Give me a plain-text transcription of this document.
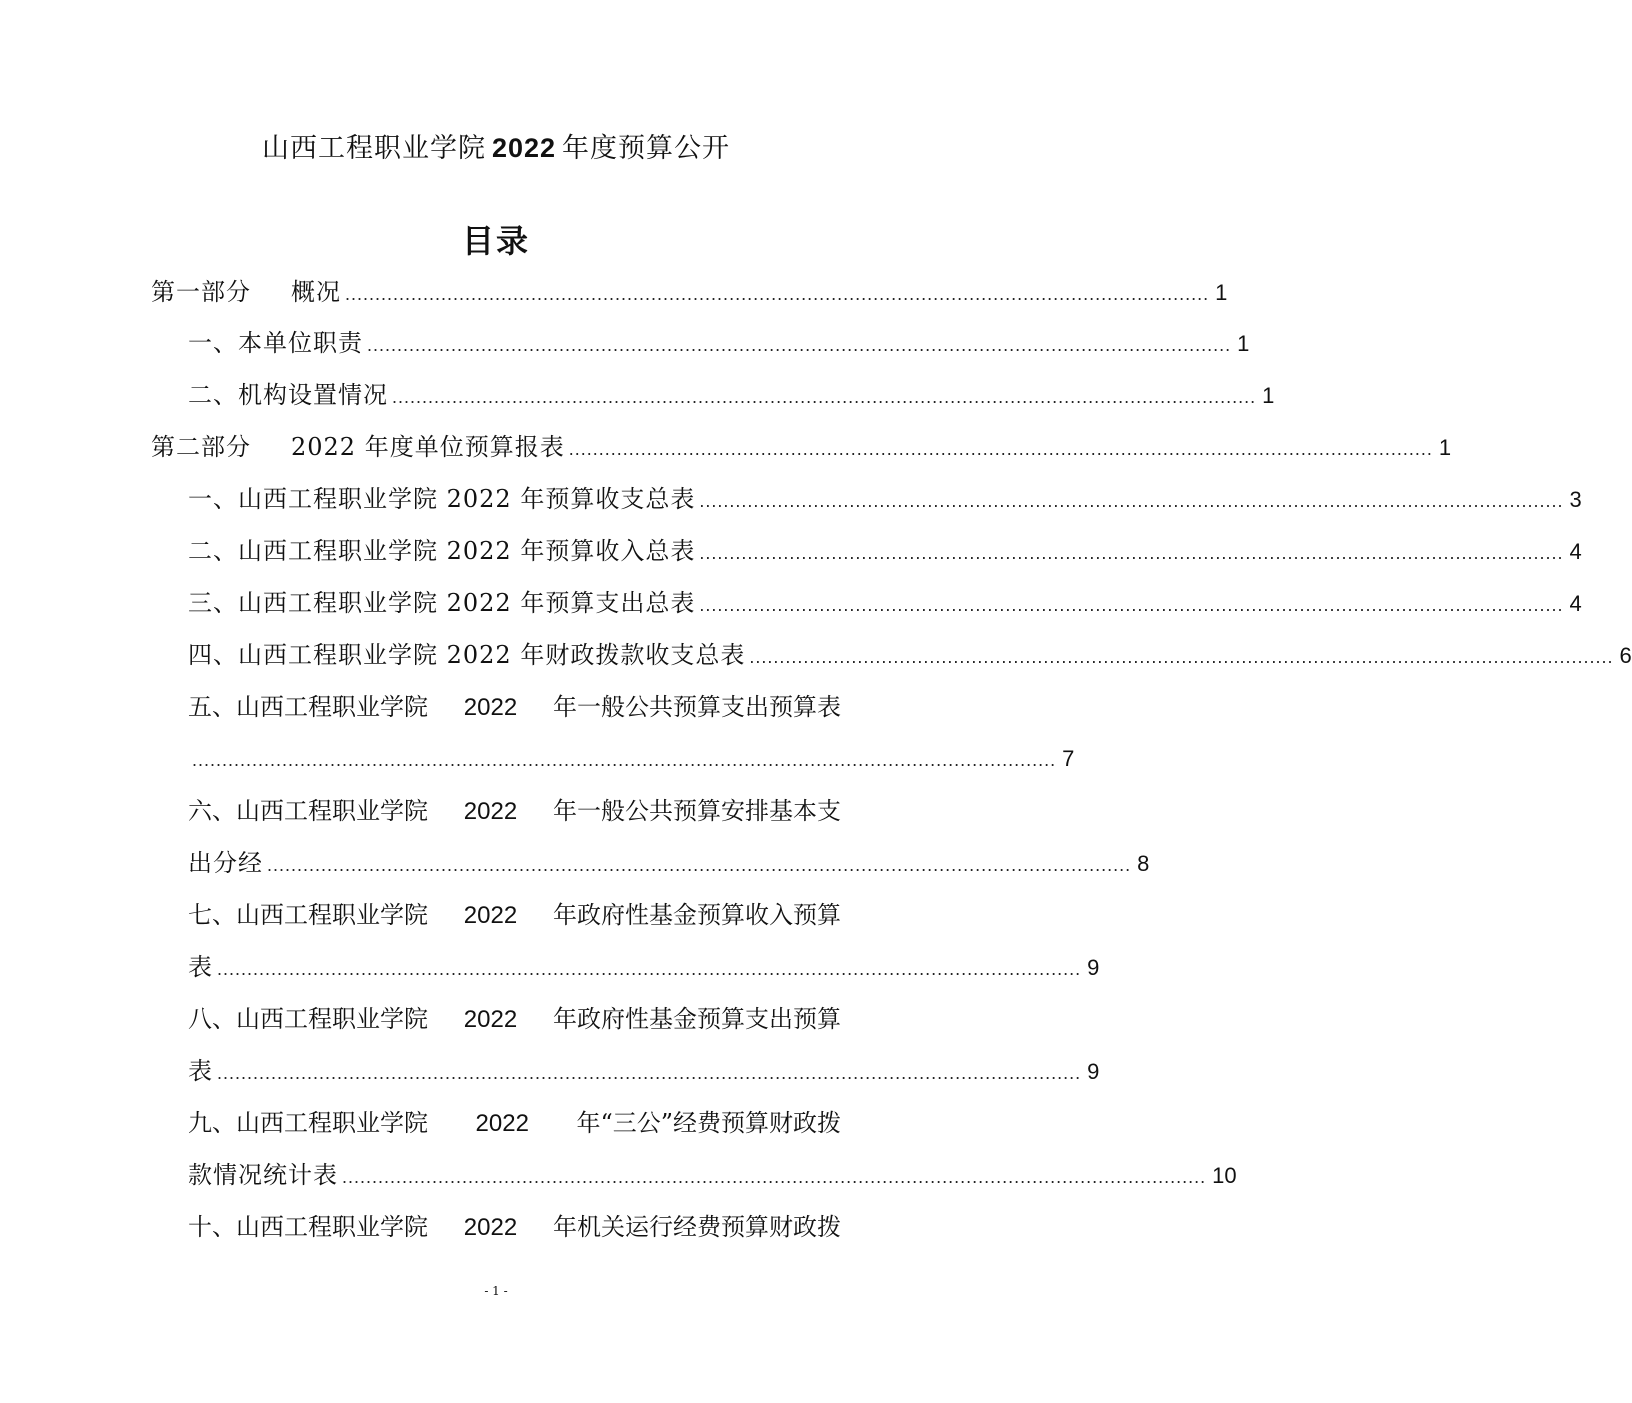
山西工程职业学院 2022 年度预算公开
目录
第一部分 概况 ................................................................................................................................................ 1
一、本单位职责 ................................................................................................................................................ 1
二、机构设置情况 ................................................................................................................................................ 1
第二部分 2022 年度单位预算报表 ................................................................................................................................................ 1
一、山西工程职业学院 2022 年预算收支总表 ................................................................................................................................................ 3
二、山西工程职业学院 2022 年预算收入总表 ................................................................................................................................................ 4
三、山西工程职业学院 2022 年预算支出总表 ................................................................................................................................................ 4
四、山西工程职业学院 2022 年财政拨款收支总表 ................................................................................................................................................ 6
五、山西工程职业学院 2022 年一般公共预算支出预算表
................................................................................................................................................ 7
六、山西工程职业学院 2022 年一般公共预算安排基本支
出分经 ................................................................................................................................................ 8
七、山西工程职业学院 2022 年政府性基金预算收入预算
表 ................................................................................................................................................ 9
八、山西工程职业学院 2022 年政府性基金预算支出预算
表 ................................................................................................................................................ 9
九、山西工程职业学院 2022 年“三公”经费预算财政拨
款情况统计表 ................................................................................................................................................ 10
十、山西工程职业学院 2022 年机关运行经费预算财政拨
- 1 -
